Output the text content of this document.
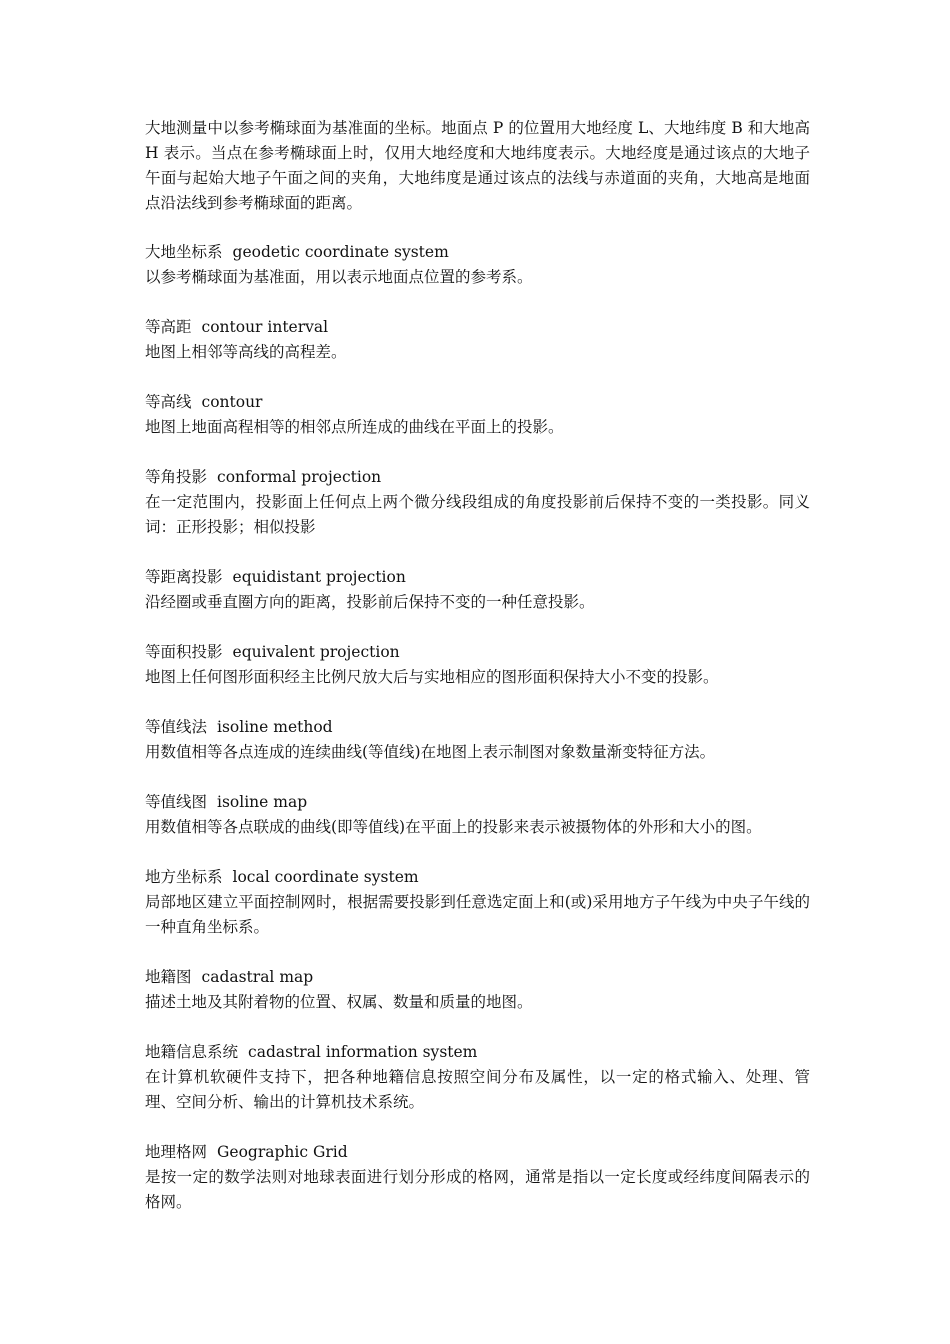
大地测量中以参考椭球面为基准面的坐标。地面点 P 的位置用大地经度 L、大地纬度 B 和大地高 H 表示。当点在参考椭球面上时，仅用大地经度和大地纬度表示。大地经度是通过该点的大地子午面与起始大地子午面之间的夹角，大地纬度是通过该点的法线与赤道面的夹角，大地高是地面点沿法线到参考椭球面的距离。

大地坐标系 geodetic coordinate system
以参考椭球面为基准面，用以表示地面点位置的参考系。
等高距 contour interval
地图上相邻等高线的高程差。
等高线 contour
地图上地面高程相等的相邻点所连成的曲线在平面上的投影。
等角投影 conformal projection
在一定范围内，投影面上任何点上两个微分线段组成的角度投影前后保持不变的一类投影。同义词：正形投影；相似投影
等距离投影 equidistant projection
沿经圈或垂直圈方向的距离，投影前后保持不变的一种任意投影。
等面积投影 equivalent projection
地图上任何图形面积经主比例尺放大后与实地相应的图形面积保持大小不变的投影。
等值线法 isoline method
用数值相等各点连成的连续曲线(等值线)在地图上表示制图对象数量渐变特征方法。
等值线图 isoline map
用数值相等各点联成的曲线(即等值线)在平面上的投影来表示被摄物体的外形和大小的图。
地方坐标系 local coordinate system
局部地区建立平面控制网时，根据需要投影到任意选定面上和(或)采用地方子午线为中央子午线的一种直角坐标系。
地籍图 cadastral map
描述土地及其附着物的位置、权属、数量和质量的地图。
地籍信息系统 cadastral information system
在计算机软硬件支持下，把各种地籍信息按照空间分布及属性，以一定的格式输入、处理、管理、空间分析、输出的计算机技术系统。
地理格网 Geographic Grid
是按一定的数学法则对地球表面进行划分形成的格网，通常是指以一定长度或经纬度间隔表示的格网。
